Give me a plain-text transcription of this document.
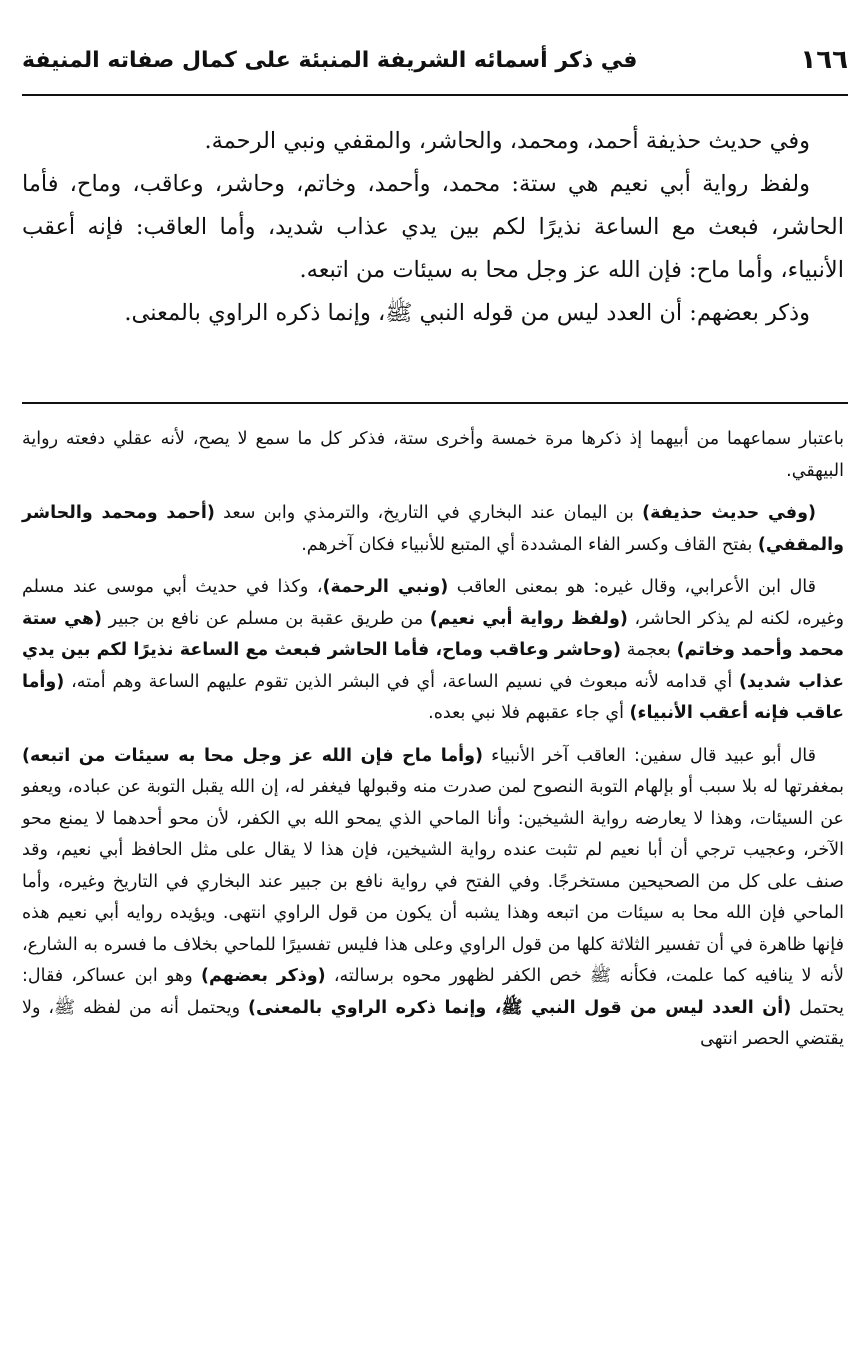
١٦٦
في ذكر أسمائه الشريفة المنبئة على كمال صفاته المنيفة

وفي حديث حذيفة أحمد، ومحمد، والحاشر، والمقفي ونبي الرحمة.

ولفظ رواية أبي نعيم هي ستة: محمد، وأحمد، وخاتم، وحاشر، وعاقب، وماح، فأما الحاشر، فبعث مع الساعة نذيرًا لكم بين يدي عذاب شديد، وأما العاقب: فإنه أعقب الأنبياء، وأما ماح: فإن الله عز وجل محا به سيئات من اتبعه.

وذكر بعضهم: أن العدد ليس من قوله النبي ﷺ، وإنما ذكره الراوي بالمعنى.

باعتبار سماعهما من أبيهما إذ ذكرها مرة خمسة وأخرى ستة، فذكر كل ما سمع لا يصح، لأنه عقلي دفعته رواية البيهقي.

(وفي حديث حذيفة) بن اليمان عند البخاري في التاريخ، والترمذي وابن سعد (أحمد ومحمد والحاشر والمقفي) بفتح القاف وكسر الفاء المشددة أي المتبع للأنبياء فكان آخرهم.

قال ابن الأعرابي، وقال غيره: هو بمعنى العاقب (ونبي الرحمة)، وكذا في حديث أبي موسى عند مسلم وغيره، لكنه لم يذكر الحاشر، (ولفظ رواية أبي نعيم) من طريق عقبة بن مسلم عن نافع بن جبير (هي ستة محمد وأحمد وخاتم) بعجمة (وحاشر وعاقب وماح، فأما الحاشر فبعث مع الساعة نذيرًا لكم بين يدي عذاب شديد) أي قدامه لأنه مبعوث في نسيم الساعة، أي في البشر الذين تقوم عليهم الساعة وهم أمته، (وأما عاقب فإنه أعقب الأنبياء) أي جاء عقبهم فلا نبي بعده.

قال أبو عبيد قال سفين: العاقب آخر الأنبياء (وأما ماح فإن الله عز وجل محا به سيئات من اتبعه) بمغفرتها له بلا سبب أو بإلهام التوبة النصوح لمن صدرت منه وقبولها فيغفر له، إن الله يقبل التوبة عن عباده، ويعفو عن السيئات، وهذا لا يعارضه رواية الشيخين: وأنا الماحي الذي يمحو الله بي الكفر، لأن محو أحدهما لا يمنع محو الآخر، وعجيب ترجي أن أبا نعيم لم تثبت عنده رواية الشيخين، فإن هذا لا يقال على مثل الحافظ أبي نعيم، وقد صنف على كل من الصحيحين مستخرجًا. وفي الفتح في رواية نافع بن جبير عند البخاري في التاريخ وغيره، وأما الماحي فإن الله محا به سيئات من اتبعه وهذا يشبه أن يكون من قول الراوي انتهى. ويؤيده روايه أبي نعيم هذه فإنها ظاهرة في أن تفسير الثلاثة كلها من قول الراوي وعلى هذا فليس تفسيرًا للماحي بخلاف ما فسره به الشارع، لأنه لا ينافيه كما علمت، فكأنه ﷺ خص الكفر لظهور محوه برسالته، (وذكر بعضهم) وهو ابن عساكر، فقال: يحتمل (أن العدد ليس من قول النبي ﷺ، وإنما ذكره الراوي بالمعنى) ويحتمل أنه من لفظه ﷺ، ولا يقتضي الحصر انتهى
